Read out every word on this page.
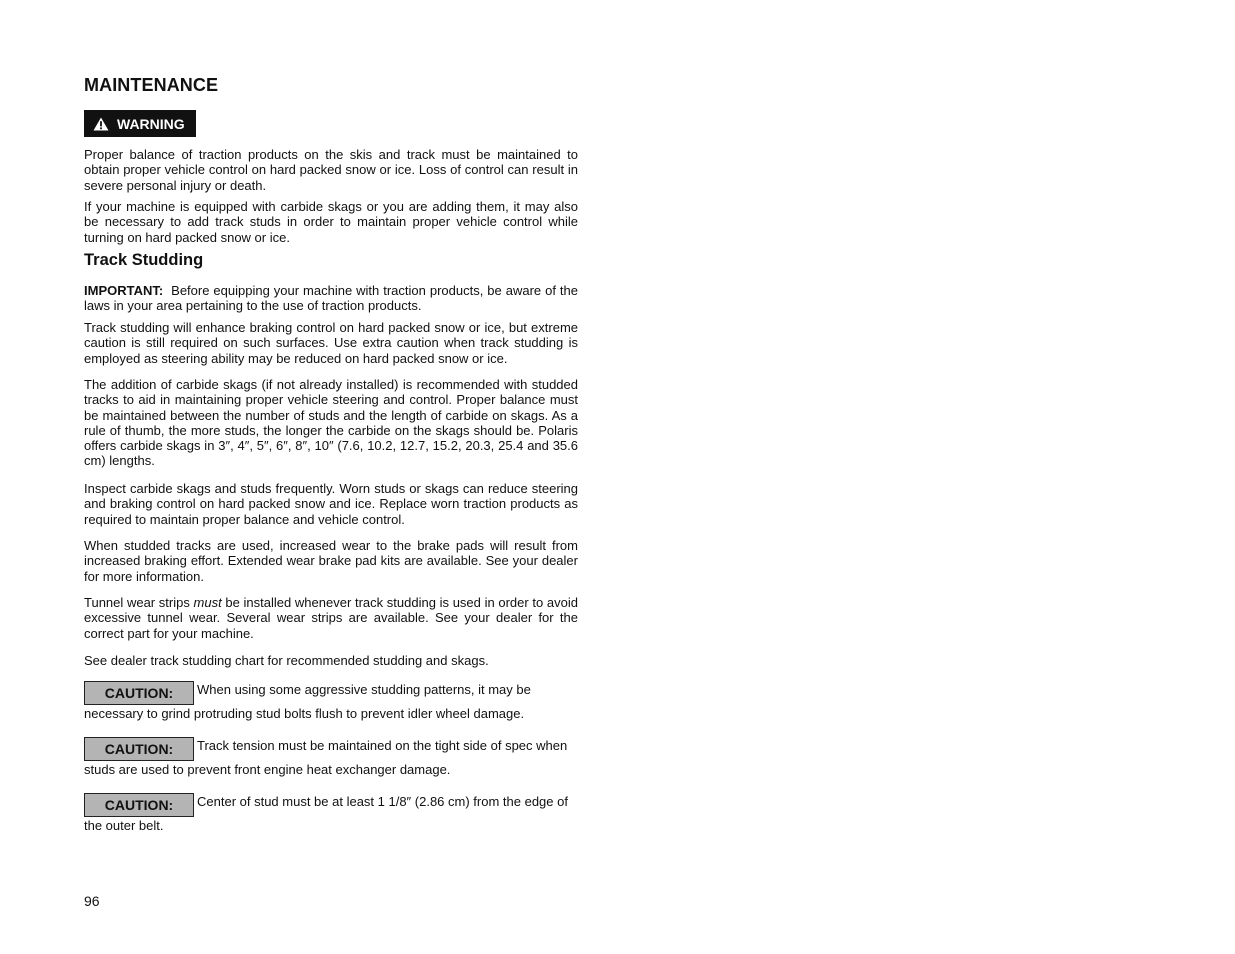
MAINTENANCE
WARNING

Proper balance of traction products on the skis and track must be maintained to obtain proper vehicle control on hard packed snow or ice. Loss of control can result in severe personal injury or death.

If your machine is equipped with carbide skags or you are adding them, it may also be necessary to add track studs in order to maintain proper vehicle control while turning on hard packed snow or ice.

Track Studding

IMPORTANT: Before equipping your machine with traction products, be aware of the laws in your area pertaining to the use of traction products.

Track studding will enhance braking control on hard packed snow or ice, but extreme caution is still required on such surfaces. Use extra caution when track studding is employed as steering ability may be reduced on hard packed snow or ice.

The addition of carbide skags (if not already installed) is recommended with studded tracks to aid in maintaining proper vehicle steering and control. Proper balance must be maintained between the number of studs and the length of carbide on skags. As a rule of thumb, the more studs, the longer the carbide on the skags should be. Polaris offers carbide skags in 3″, 4″, 5″, 6″, 8″, 10″ (7.6, 10.2, 12.7, 15.2, 20.3, 25.4 and 35.6 cm) lengths.

Inspect carbide skags and studs frequently. Worn studs or skags can reduce steering and braking control on hard packed snow and ice. Replace worn traction products as required to maintain proper balance and vehicle control.

When studded tracks are used, increased wear to the brake pads will result from increased braking effort. Extended wear brake pad kits are available. See your dealer for more information.

Tunnel wear strips must be installed whenever track studding is used in order to avoid excessive tunnel wear. Several wear strips are available. See your dealer for the correct part for your machine.

See dealer track studding chart for recommended studding and skags.

CAUTION: When using some aggressive studding patterns, it may be necessary to grind protruding stud bolts flush to prevent idler wheel damage.
CAUTION: Track tension must be maintained on the tight side of spec when studs are used to prevent front engine heat exchanger damage.
CAUTION: Center of stud must be at least 1 1/8″ (2.86 cm) from the edge of the outer belt.

96
